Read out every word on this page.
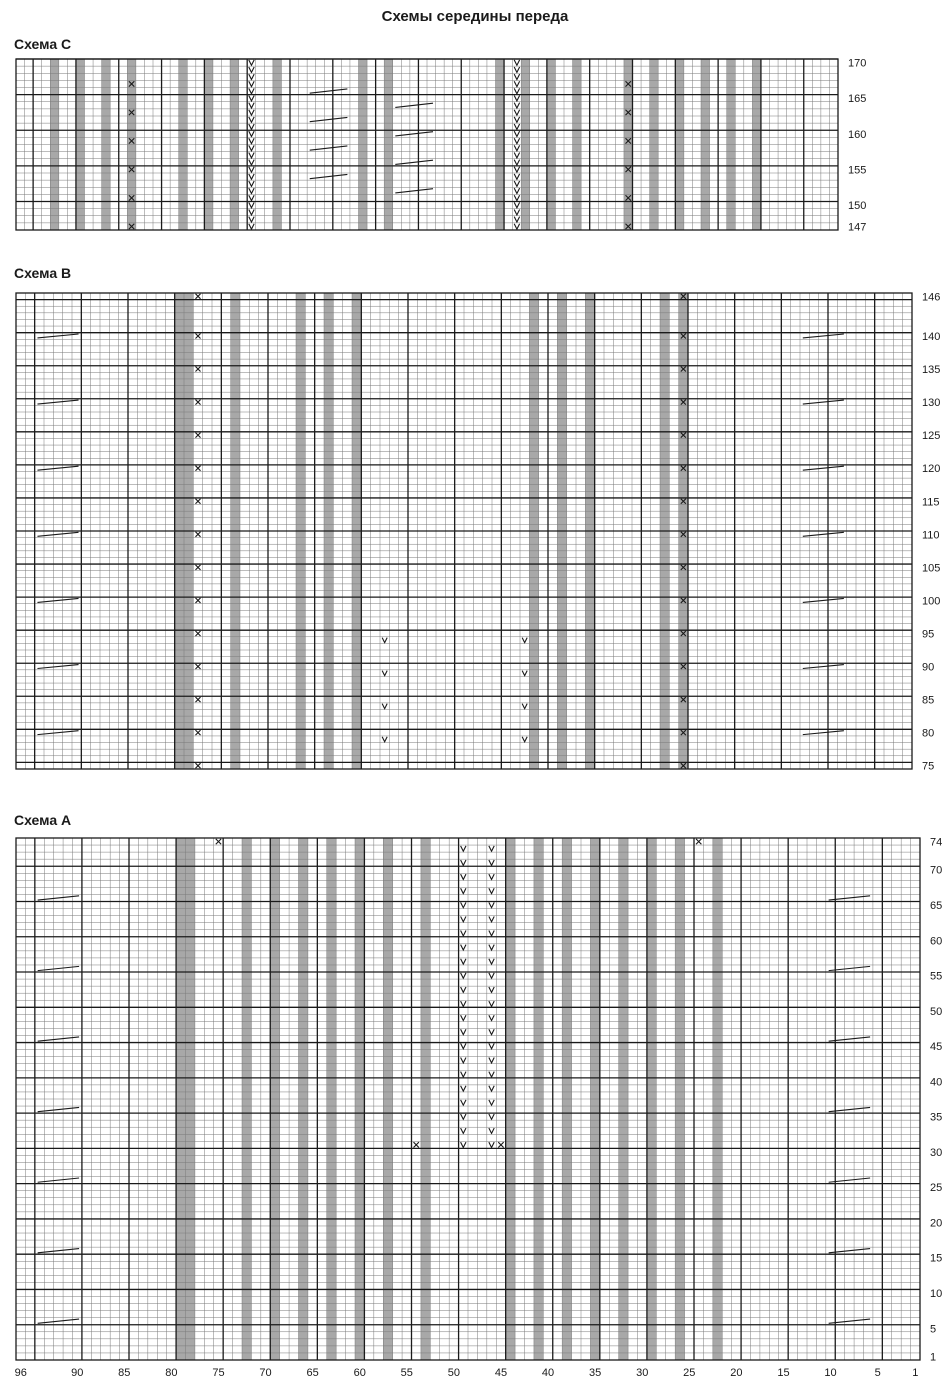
Схемы середины переда
Схема С
Схема В
Схема А
147
150
155
160
165
170
75
80
85
90
95
100
105
110
115
120
125
130
135
140
146
1
5
10
15
20
25
30
35
40
45
50
55
60
65
70
74
96	90	85	80	75	70	65	60	55	50	45	40	35	30	25	20	15	10	5	1
